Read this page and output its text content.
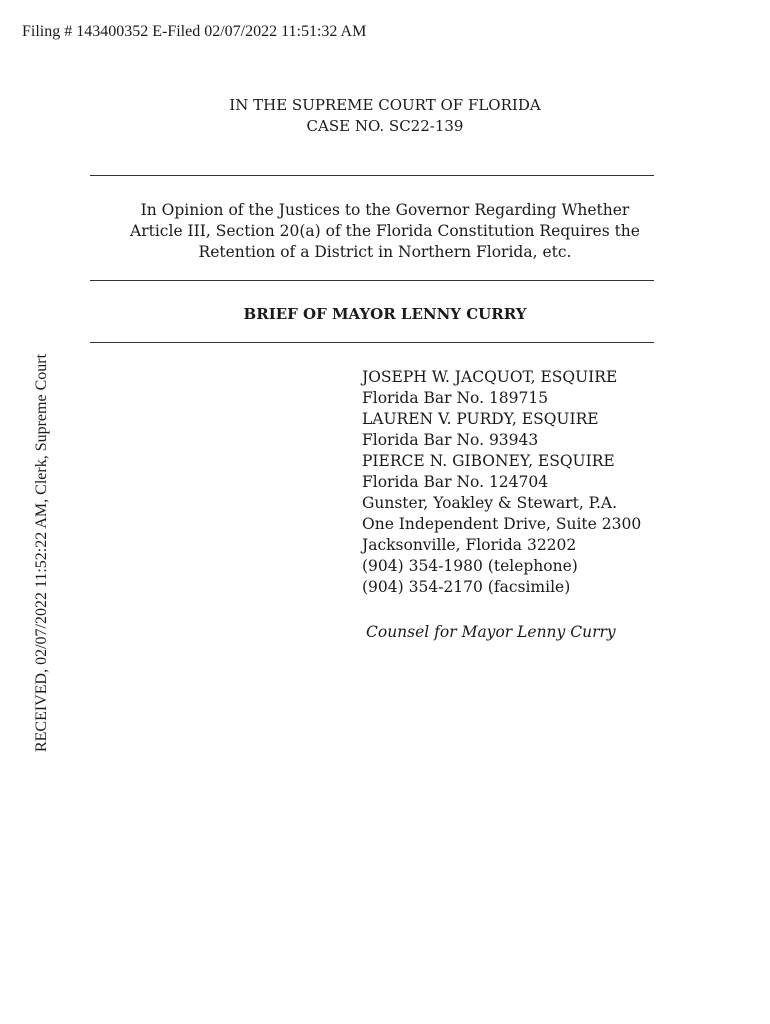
Filing # 143400352 E-Filed 02/07/2022 11:51:32 AM
RECEIVED, 02/07/2022 11:52:22 AM, Clerk, Supreme Court
IN THE SUPREME COURT OF FLORIDA
CASE NO. SC22-139
In Opinion of the Justices to the Governor Regarding Whether
Article III, Section 20(a) of the Florida Constitution Requires the
Retention of a District in Northern Florida, etc.
BRIEF OF MAYOR LENNY CURRY
JOSEPH W. JACQUOT, ESQUIRE
Florida Bar No. 189715
LAUREN V. PURDY, ESQUIRE
Florida Bar No. 93943
PIERCE N. GIBONEY, ESQUIRE
Florida Bar No. 124704
Gunster, Yoakley & Stewart, P.A.
One Independent Drive, Suite 2300
Jacksonville, Florida 32202
(904) 354-1980 (telephone)
(904) 354-2170 (facsimile)
Counsel for Mayor Lenny Curry
